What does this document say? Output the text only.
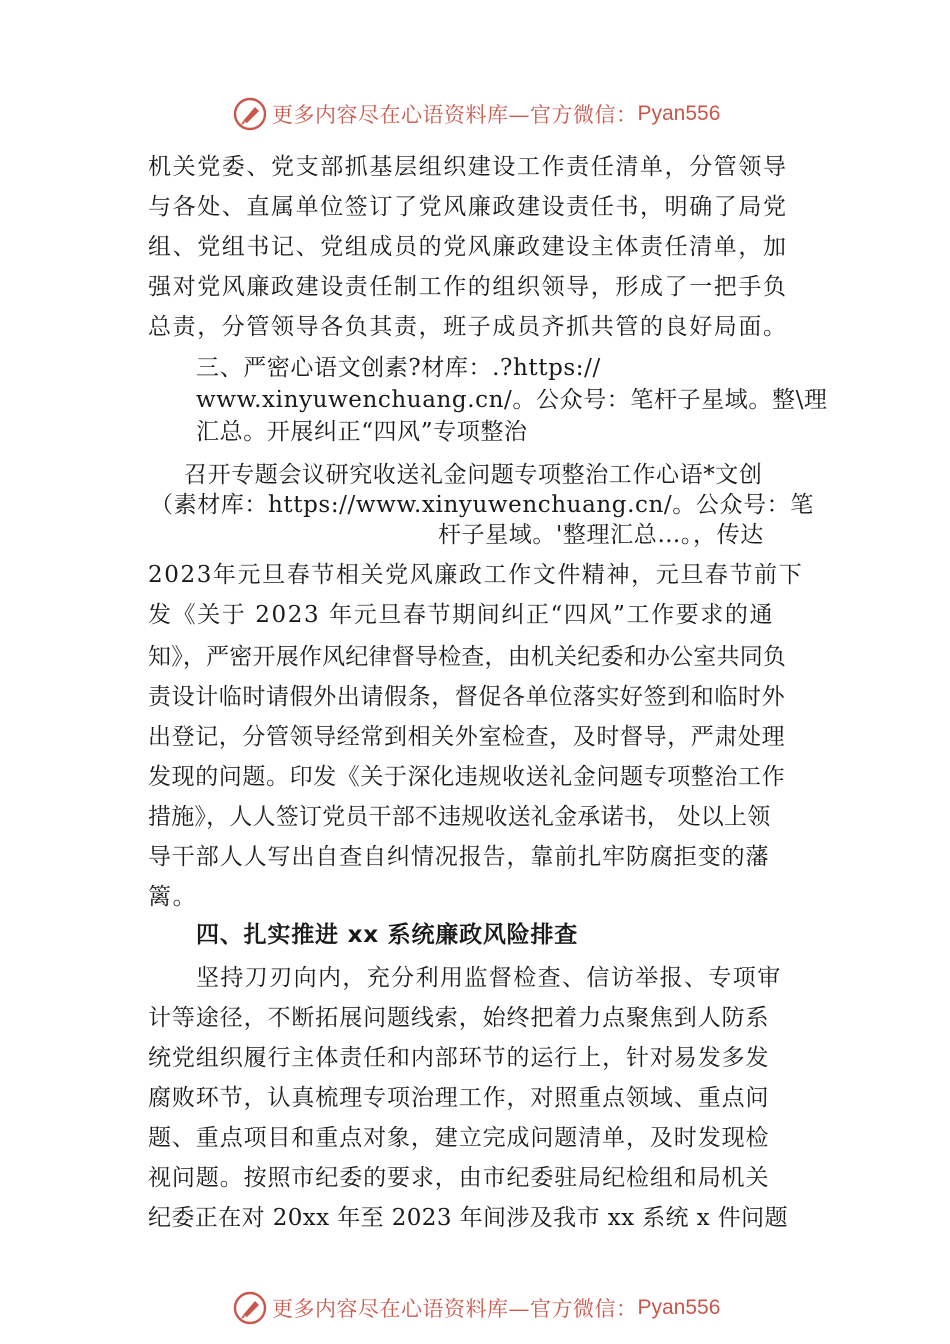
更多内容尽在心语资料库—官方微信： Pyan556
机关党委、党支部抓基层组织建设工作责任清单，分管领导
与各处、直属单位签订了党风廉政建设责任书，明确了局党
组、党组书记、党组成员的党风廉政建设主体责任清单，加
强对党风廉政建设责任制工作的组织领导，形成了一把手负
总责，分管领导各负其责，班子成员齐抓共管的良好局面。
三、严密心语文创素?材库：.?https://
www.xinyuwenchuang.cn/。公众号：笔杆子星域。整\理
汇总。开展纠正“四风”专项整治
召开专题会议研究收送礼金问题专项整治工作心语*文创
（素材库：https://www.xinyuwenchuang.cn/。公众号：笔
杆子星域。'整理汇总…。，传达
2023年元旦春节相关党风廉政工作文件精神，元旦春节前下
发《关于 2023 年元旦春节期间纠正“四风”工作要求的通
知》，严密开展作风纪律督导检查，由机关纪委和办公室共同负
责设计临时请假外出请假条，督促各单位落实好签到和临时外
出登记，分管领导经常到相关外室检查，及时督导，严肃处理
发现的问题。印发《关于深化违规收送礼金问题专项整治工作
措施》，人人签订党员干部不违规收送礼金承诺书， 处以上领
导干部人人写出自查自纠情况报告，靠前扎牢防腐拒变的藩
篱。
四、扎实推进 xx 系统廉政风险排查
坚持刀刃向内，充分利用监督检查、信访举报、专项审
计等途径，不断拓展问题线索，始终把着力点聚焦到人防系
统党组织履行主体责任和内部环节的运行上，针对易发多发
腐败环节，认真梳理专项治理工作，对照重点领域、重点问
题、重点项目和重点对象，建立完成问题清单，及时发现检
视问题。按照市纪委的要求，由市纪委驻局纪检组和局机关
纪委正在对 20xx 年至 2023 年间涉及我市 xx 系统 x 件问题
更多内容尽在心语资料库—官方微信： Pyan556
